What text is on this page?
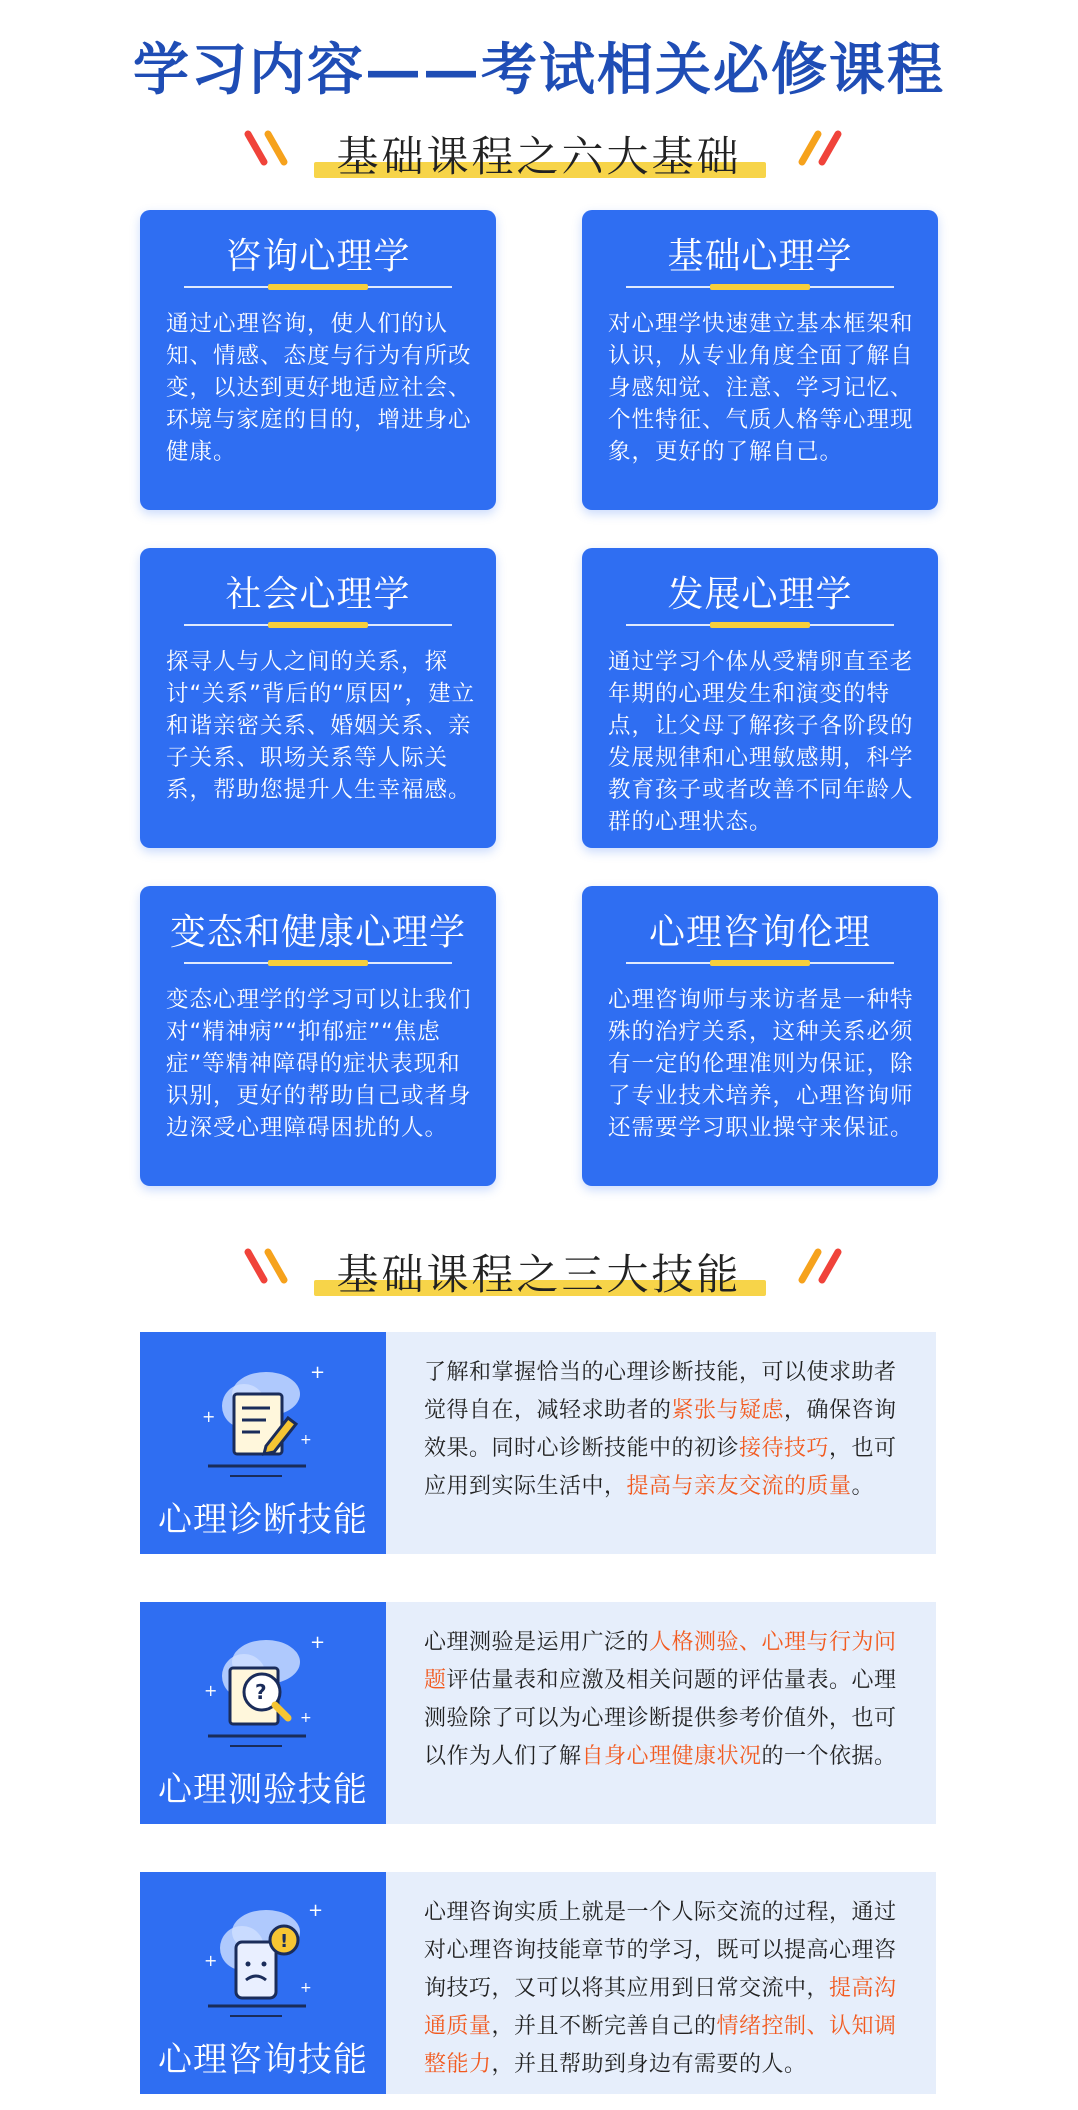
学习内容——考试相关必修课程
基础课程之六大基础
咨询心理学
通过心理咨询，使人们的认知、情感、态度与行为有所改变，以达到更好地适应社会、环境与家庭的目的，增进身心健康。
基础心理学
对心理学快速建立基本框架和认识，从专业角度全面了解自身感知觉、注意、学习记忆、个性特征、气质人格等心理现象，更好的了解自己。
社会心理学
探寻人与人之间的关系，探讨“关系”背后的“原因”，建立和谐亲密关系、婚姻关系、亲子关系、职场关系等人际关系，帮助您提升人生幸福感。
发展心理学
通过学习个体从受精卵直至老年期的心理发生和演变的特点，让父母了解孩子各阶段的发展规律和心理敏感期，科学教育孩子或者改善不同年龄人群的心理状态。
变态和健康心理学
变态心理学的学习可以让我们对“精神病”“抑郁症”“焦虑症”等精神障碍的症状表现和识别，更好的帮助自己或者身边深受心理障碍困扰的人。
心理咨询伦理
心理咨询师与来访者是一种特殊的治疗关系，这种关系必须有一定的伦理准则为保证，除了专业技术培养，心理咨询师还需要学习职业操守来保证。
基础课程之三大技能
+
+
+
心理诊断技能
了解和掌握恰当的心理诊断技能，可以使求助者觉得自在，减轻求助者的紧张与疑虑，确保咨询效果。同时心诊断技能中的初诊接待技巧，也可应用到实际生活中，提高与亲友交流的质量。
+
+
+
?
心理测验技能
心理测验是运用广泛的人格测验、心理与行为问题评估量表和应激及相关问题的评估量表。心理测验除了可以为心理诊断提供参考价值外，也可以作为人们了解自身心理健康状况的一个依据。
+
+
+
!
心理咨询技能
心理咨询实质上就是一个人际交流的过程，通过对心理咨询技能章节的学习，既可以提高心理咨询技巧，又可以将其应用到日常交流中，提高沟通质量，并且不断完善自己的情绪控制、认知调整能力，并且帮助到身边有需要的人。
